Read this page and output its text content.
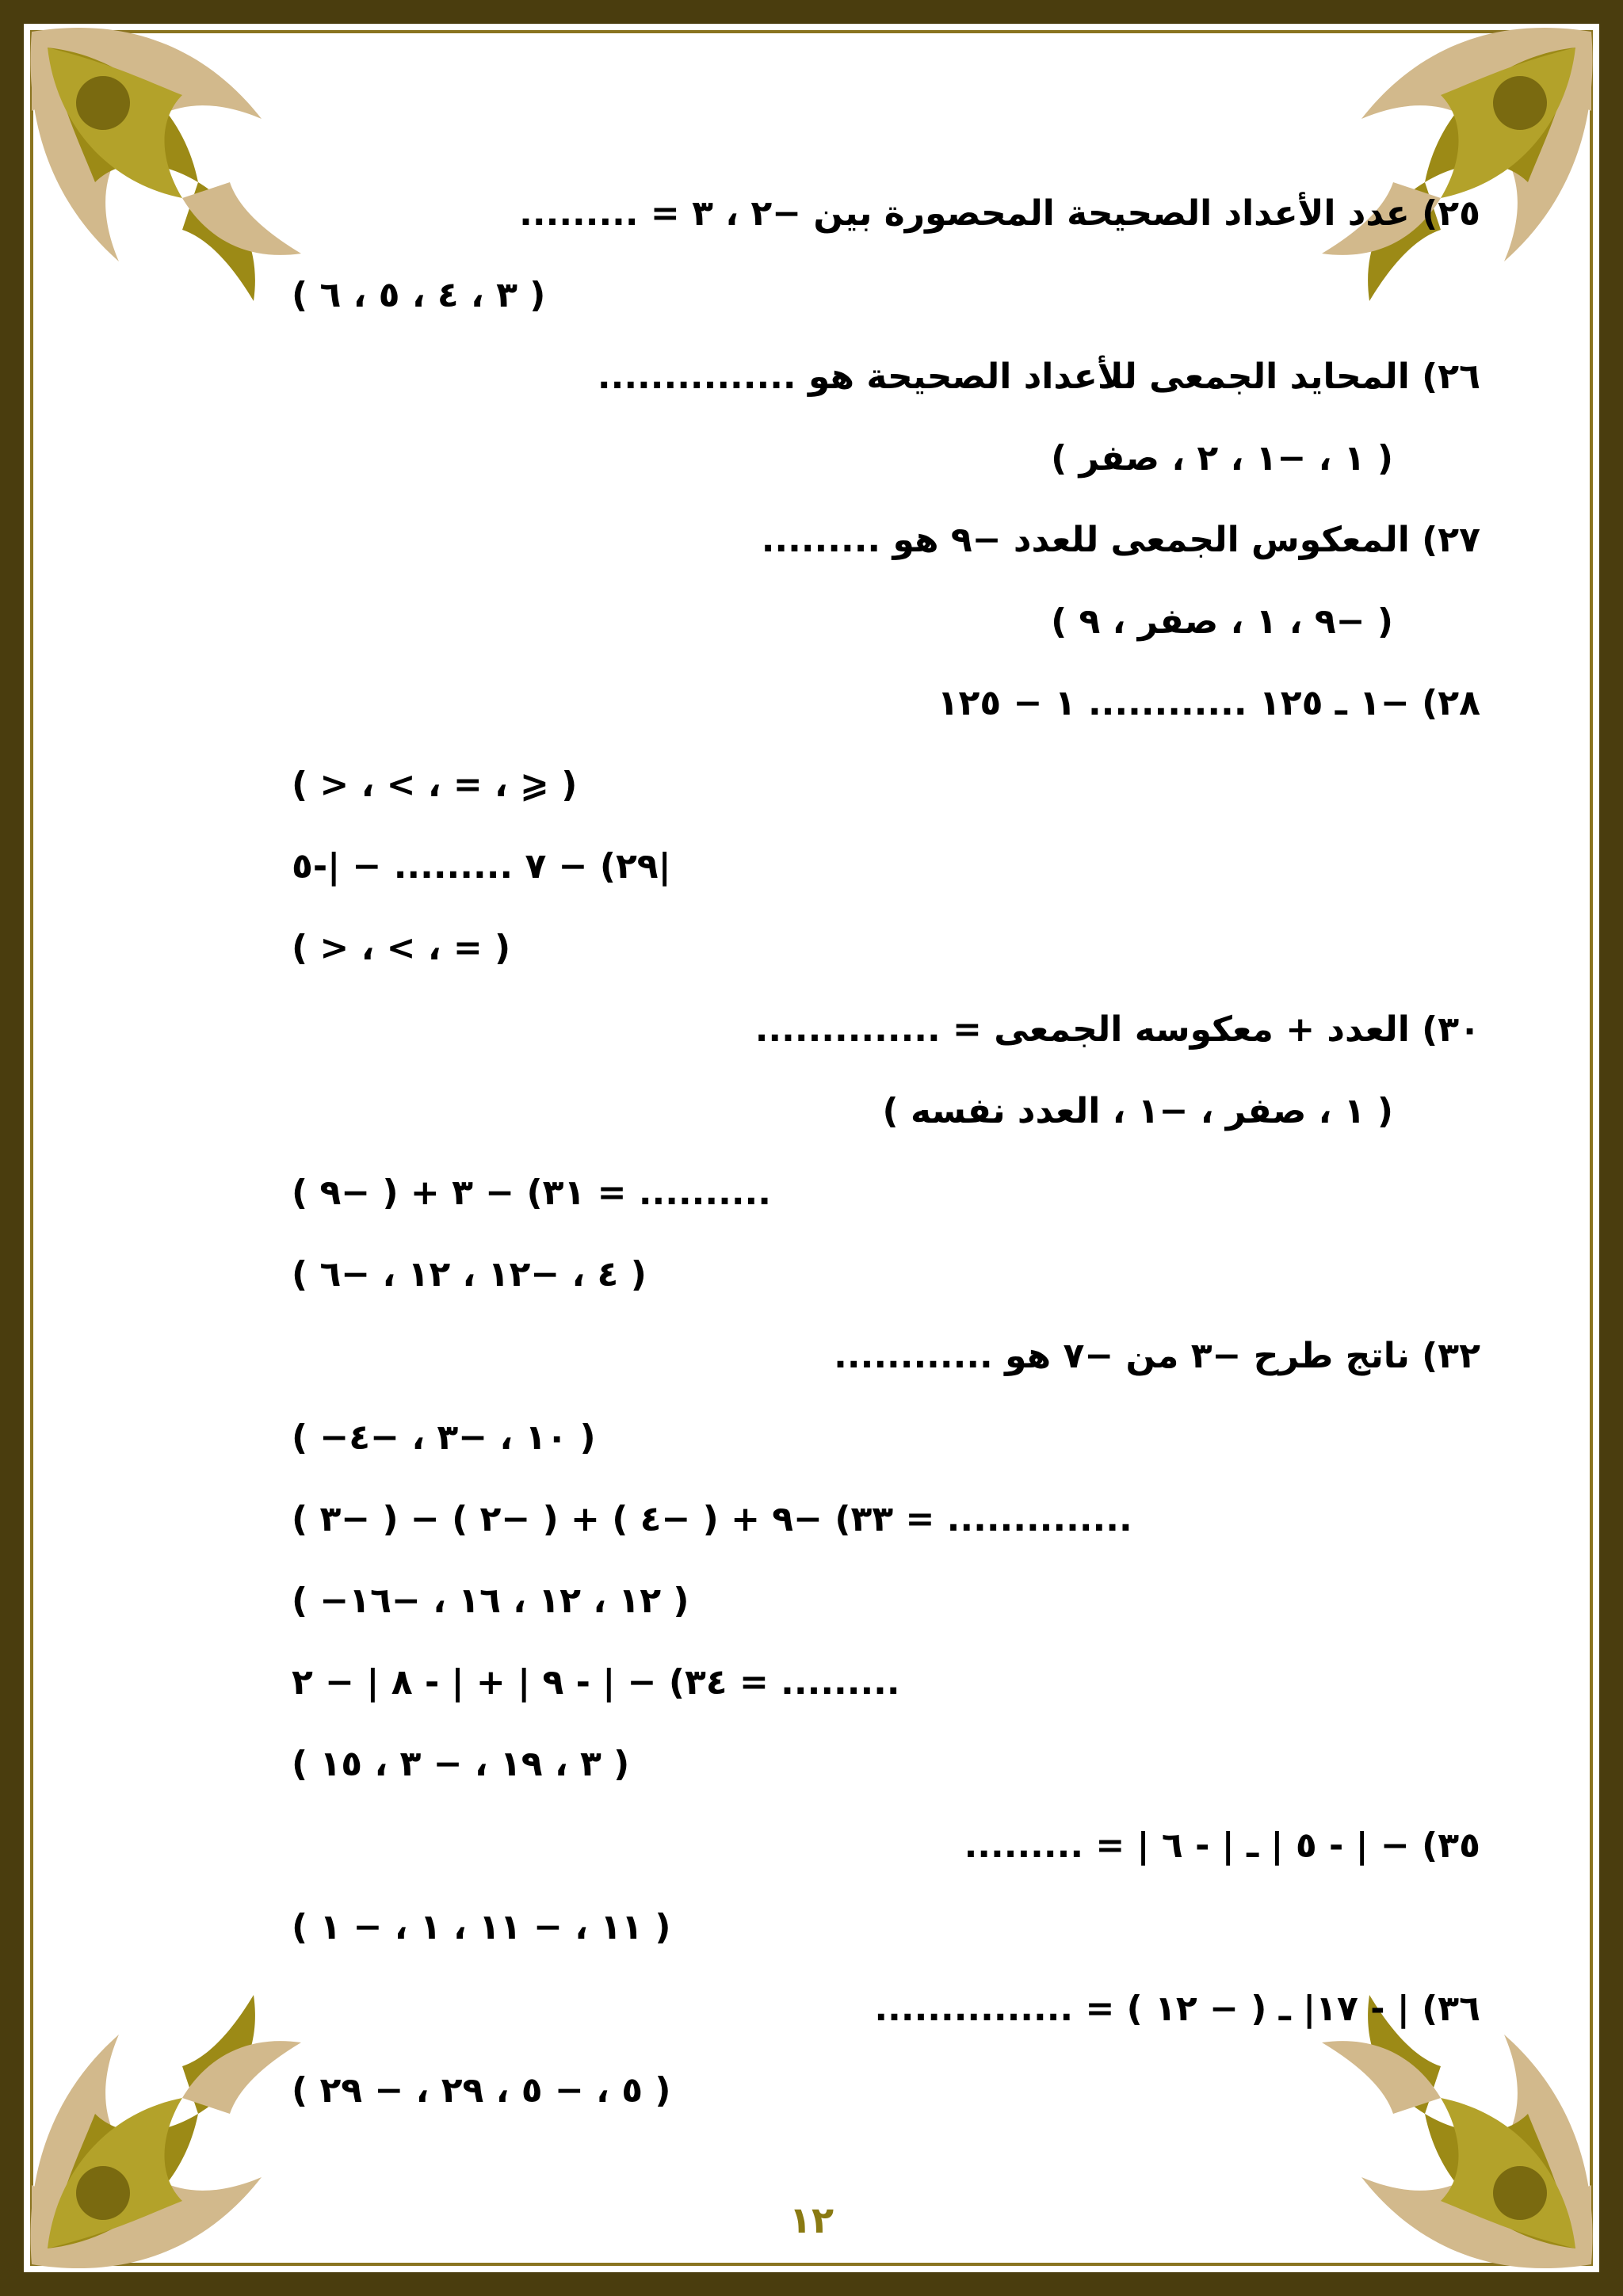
٢٥) عدد الأعداد الصحيحة المحصورة بين −٢ ، ٣ = .........
( ٣ ، ٤ ، ٥ ، ٦ )
٢٦) المحايد الجمعى للأعداد الصحيحة هو ...............
( ١ ، −١ ، ٢ ، صفر )
٢٧) المعكوس الجمعى للعدد −٩ هو .........
( −٩ ، ١ ، صفر ، ٩ )
٢٨) −١ ـ ١٢٥ ............ ١ − ١٢٥
( > ، < ، = ، ⩾ )
٢٩) − ٧ ......... − |-٥|
( > ، < ، = )
٣٠) العدد + معكوسه الجمعى = ..............
( ١ ، صفر ، −١ ، العدد نفسه )
٣١) − ٣ + ( −٩ ) = ..........
( ٤ ، −١٢ ، ١٢ ، −٦ )
٣٢) ناتج طرح −٣ من −٧ هو ............
( −١٠ ، −٣ ، −٤ )
٣٣) −٩ + ( −٤ ) + ( −٢ ) − ( −٣ ) = ..............
( −١٢ ، ١٢ ، ١٦ ، −١٦ )
٣٤) − | - ٩ | + | - ٨ | − ٢ = .........
( ٣ ، ١٩ ، − ٣ ، ١٥ )
٣٥) − | - ٥ | ـ | - ٦ | = .........
( ١١ ، − ١١ ، ١ ، − ١ )
٣٦) | - ١٧| ـ ( − ١٢ ) = ...............
( ٥ ، − ٥ ، ٢٩ ، − ٢٩ )
١٢
